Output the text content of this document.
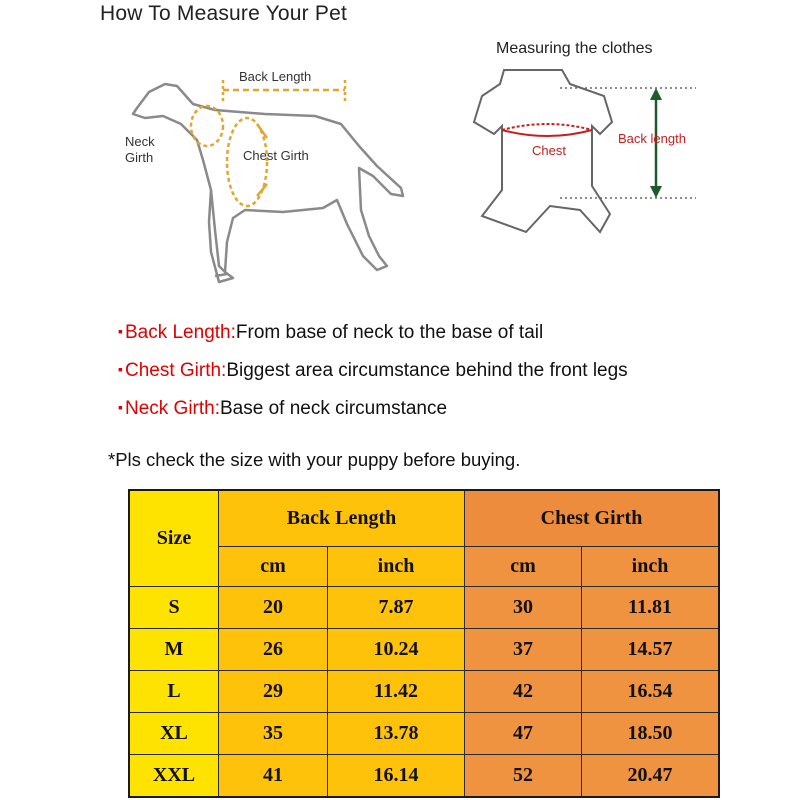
How To Measure Your Pet
Back Length
Neck
Girth	Chest Girth
Measuring the clothes
Chest
Back length
▪ Back Length:From base of neck to the base of tail
▪ Chest Girth:Biggest area circumstance behind the front legs
▪ Neck Girth:Base of neck circumstance
*Pls check the size with your puppy before buying.
Size	Back Length		Chest Girth	
	cm	inch	cm	inch
S	20	7.87	30	11.81
M	26	10.24	37	14.57
L	29	11.42	42	16.54
XL	35	13.78	47	18.50
XXL	41	16.14	52	20.47
